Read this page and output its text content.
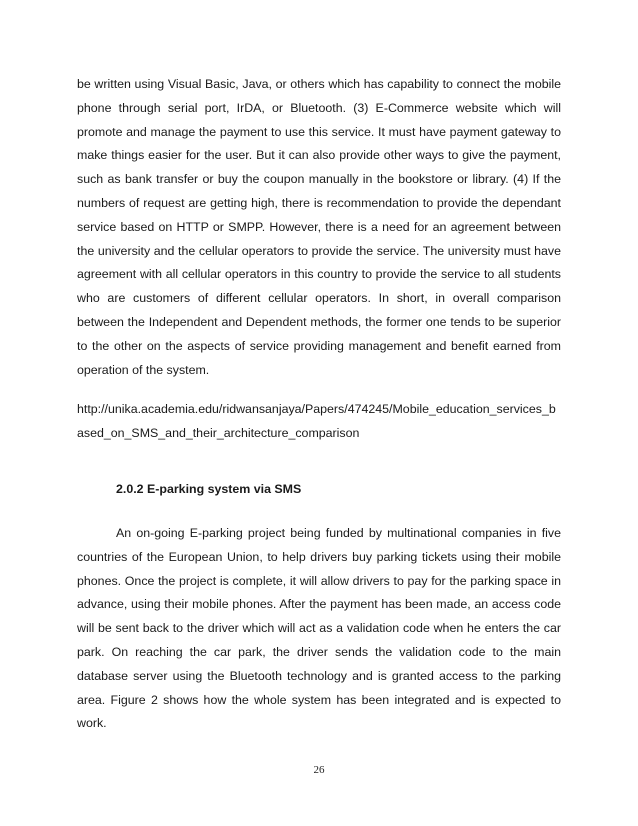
be written using Visual Basic, Java, or others which has capability to connect the mobile phone through serial port, IrDA, or Bluetooth. (3) E-Commerce website which will promote and manage the payment to use this service. It must have payment gateway to make things easier for the user. But it can also provide other ways to give the payment, such as bank transfer or buy the coupon manually in the bookstore or library. (4) If the numbers of request are getting high, there is recommendation to provide the dependant service based on HTTP or SMPP. However, there is a need for an agreement between the university and the cellular operators to provide the service. The university must have agreement with all cellular operators in this country to provide the service to all students who are customers of different cellular operators. In short, in overall comparison between the Independent and Dependent methods, the former one tends to be superior to the other on the aspects of service providing management and benefit earned from operation of the system.

http://unika.academia.edu/ridwansanjaya/Papers/474245/Mobile_education_services_based_on_SMS_and_their_architecture_comparison

2.0.2 E-parking system via SMS

An on-going E-parking project being funded by multinational companies in five countries of the European Union, to help drivers buy parking tickets using their mobile phones. Once the project is complete, it will allow drivers to pay for the parking space in advance, using their mobile phones. After the payment has been made, an access code will be sent back to the driver which will act as a validation code when he enters the car park. On reaching the car park, the driver sends the validation code to the main database server using the Bluetooth technology and is granted access to the parking area. Figure 2 shows how the whole system has been integrated and is expected to work.

26
